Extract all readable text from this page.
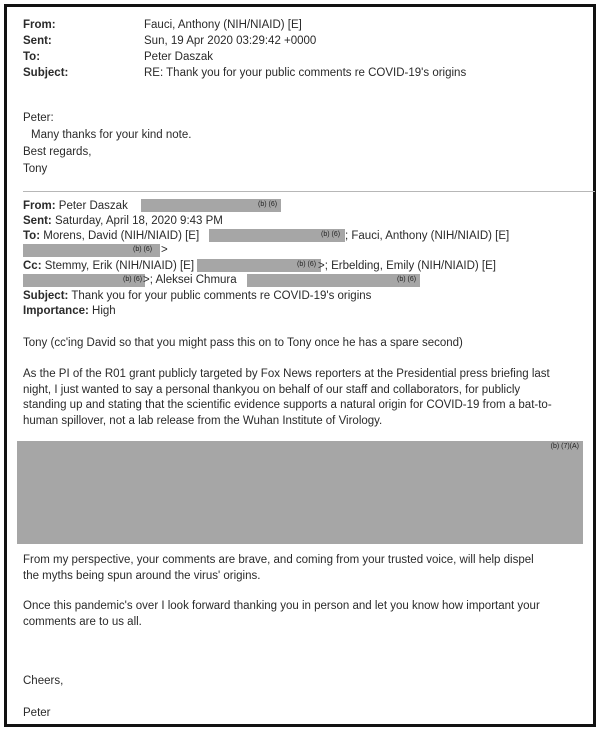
From:	Fauci, Anthony (NIH/NIAID) [E]
Sent:	Sun, 19 Apr 2020 03:29:42 +0000
To:	Peter Daszak
Subject:	RE: Thank you for your public comments re COVID-19's origins
Peter:
Many thanks for your kind note.
Best regards,
Tony
From: Peter Daszak	(b) (6)
Sent: Saturday, April 18, 2020 9:43 PM
To: Morens, David (NIH/NIAID) [E]	(b) (6) ; Fauci, Anthony (NIH/NIAID) [E]
(b) (6) >
Cc: Stemmy, Erik (NIH/NIAID) [E]	(b) (6) >; Erbelding, Emily (NIH/NIAID) [E]
(b) (6) >; Aleksei Chmura	(b) (6)
Subject: Thank you for your public comments re COVID-19's origins
Importance: High
Tony (cc'ing David so that you might pass this on to Tony once he has a spare second)
As the PI of the R01 grant publicly targeted by Fox News reporters at the Presidential press briefing last
night, I just wanted to say a personal thankyou on behalf of our staff and collaborators, for publicly
standing up and stating that the scientific evidence supports a natural origin for COVID-19 from a bat-to-
human spillover, not a lab release from the Wuhan Institute of Virology.
(b) (7)(A)
From my perspective, your comments are brave, and coming from your trusted voice, will help dispel
the myths being spun around the virus' origins.
Once this pandemic's over I look forward thanking you in person and let you know how important your
comments are to us all.
Cheers,
Peter
